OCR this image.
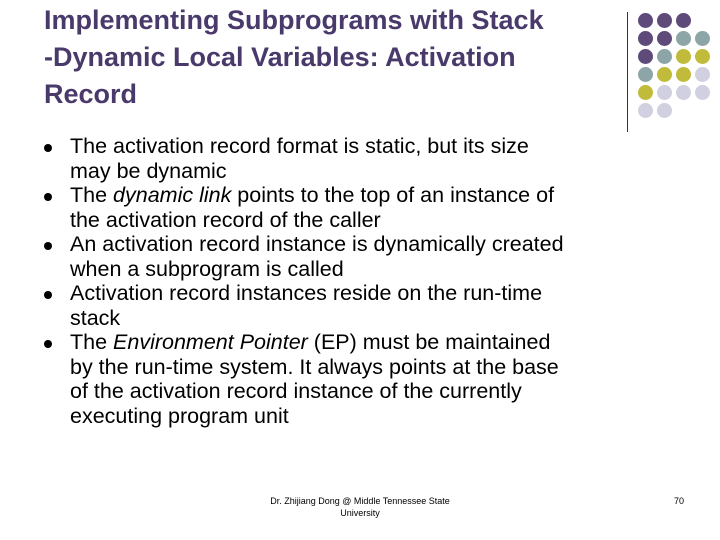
Implementing Subprograms with Stack
-Dynamic Local Variables: Activation
Record
The activation record format is static, but its size
may be dynamic
The dynamic link points to the top of an instance of
the activation record of the caller
An activation record instance is dynamically created
when a subprogram is called
Activation record instances reside on the run-time
stack
The Environment Pointer (EP) must be maintained
by the run-time system. It always points at the base
of the activation record instance of the currently
executing program unit
Dr. Zhijiang Dong @ Middle Tennessee State
University
70
